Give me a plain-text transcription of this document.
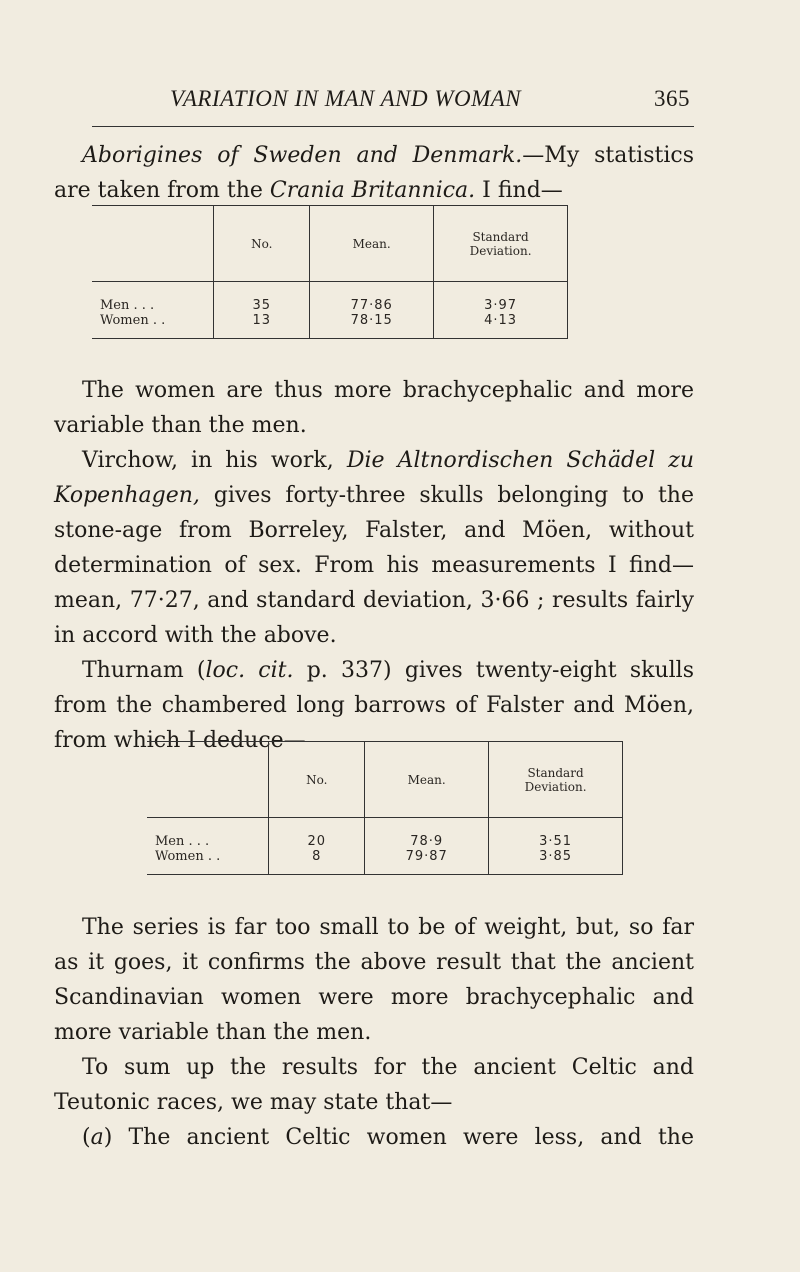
VARIATION IN MAN AND WOMAN	365
Aborigines of Sweden and Denmark.—My statistics
are taken from the Crania Britannica. I find—
	No.	Mean.	Standard Deviation.
Men . . .	35	77·86	3·97
Women . .	13	78·15	4·13
The women are thus more brachycephalic and more
variable than the men.
Virchow, in his work, Die Altnordischen Schädel zu
Kopenhagen, gives forty-three skulls belonging to the
stone-age from Borreley, Falster, and Möen, without
determination of sex. From his measurements I find—
mean, 77·27, and standard deviation, 3·66 ; results fairly
in accord with the above.
Thurnam (loc. cit. p. 337) gives twenty-eight skulls
from the chambered long barrows of Falster and Möen,
from which I deduce—
	No.	Mean.	Standard Deviation.
Men . . .	20	78·9	3·51
Women . .	8	79·87	3·85
The series is far too small to be of weight, but, so far
as it goes, it confirms the above result that the ancient
Scandinavian women were more brachycephalic and
more variable than the men.
To sum up the results for the ancient Celtic and
Teutonic races, we may state that—
(a) The ancient Celtic women were less, and the
